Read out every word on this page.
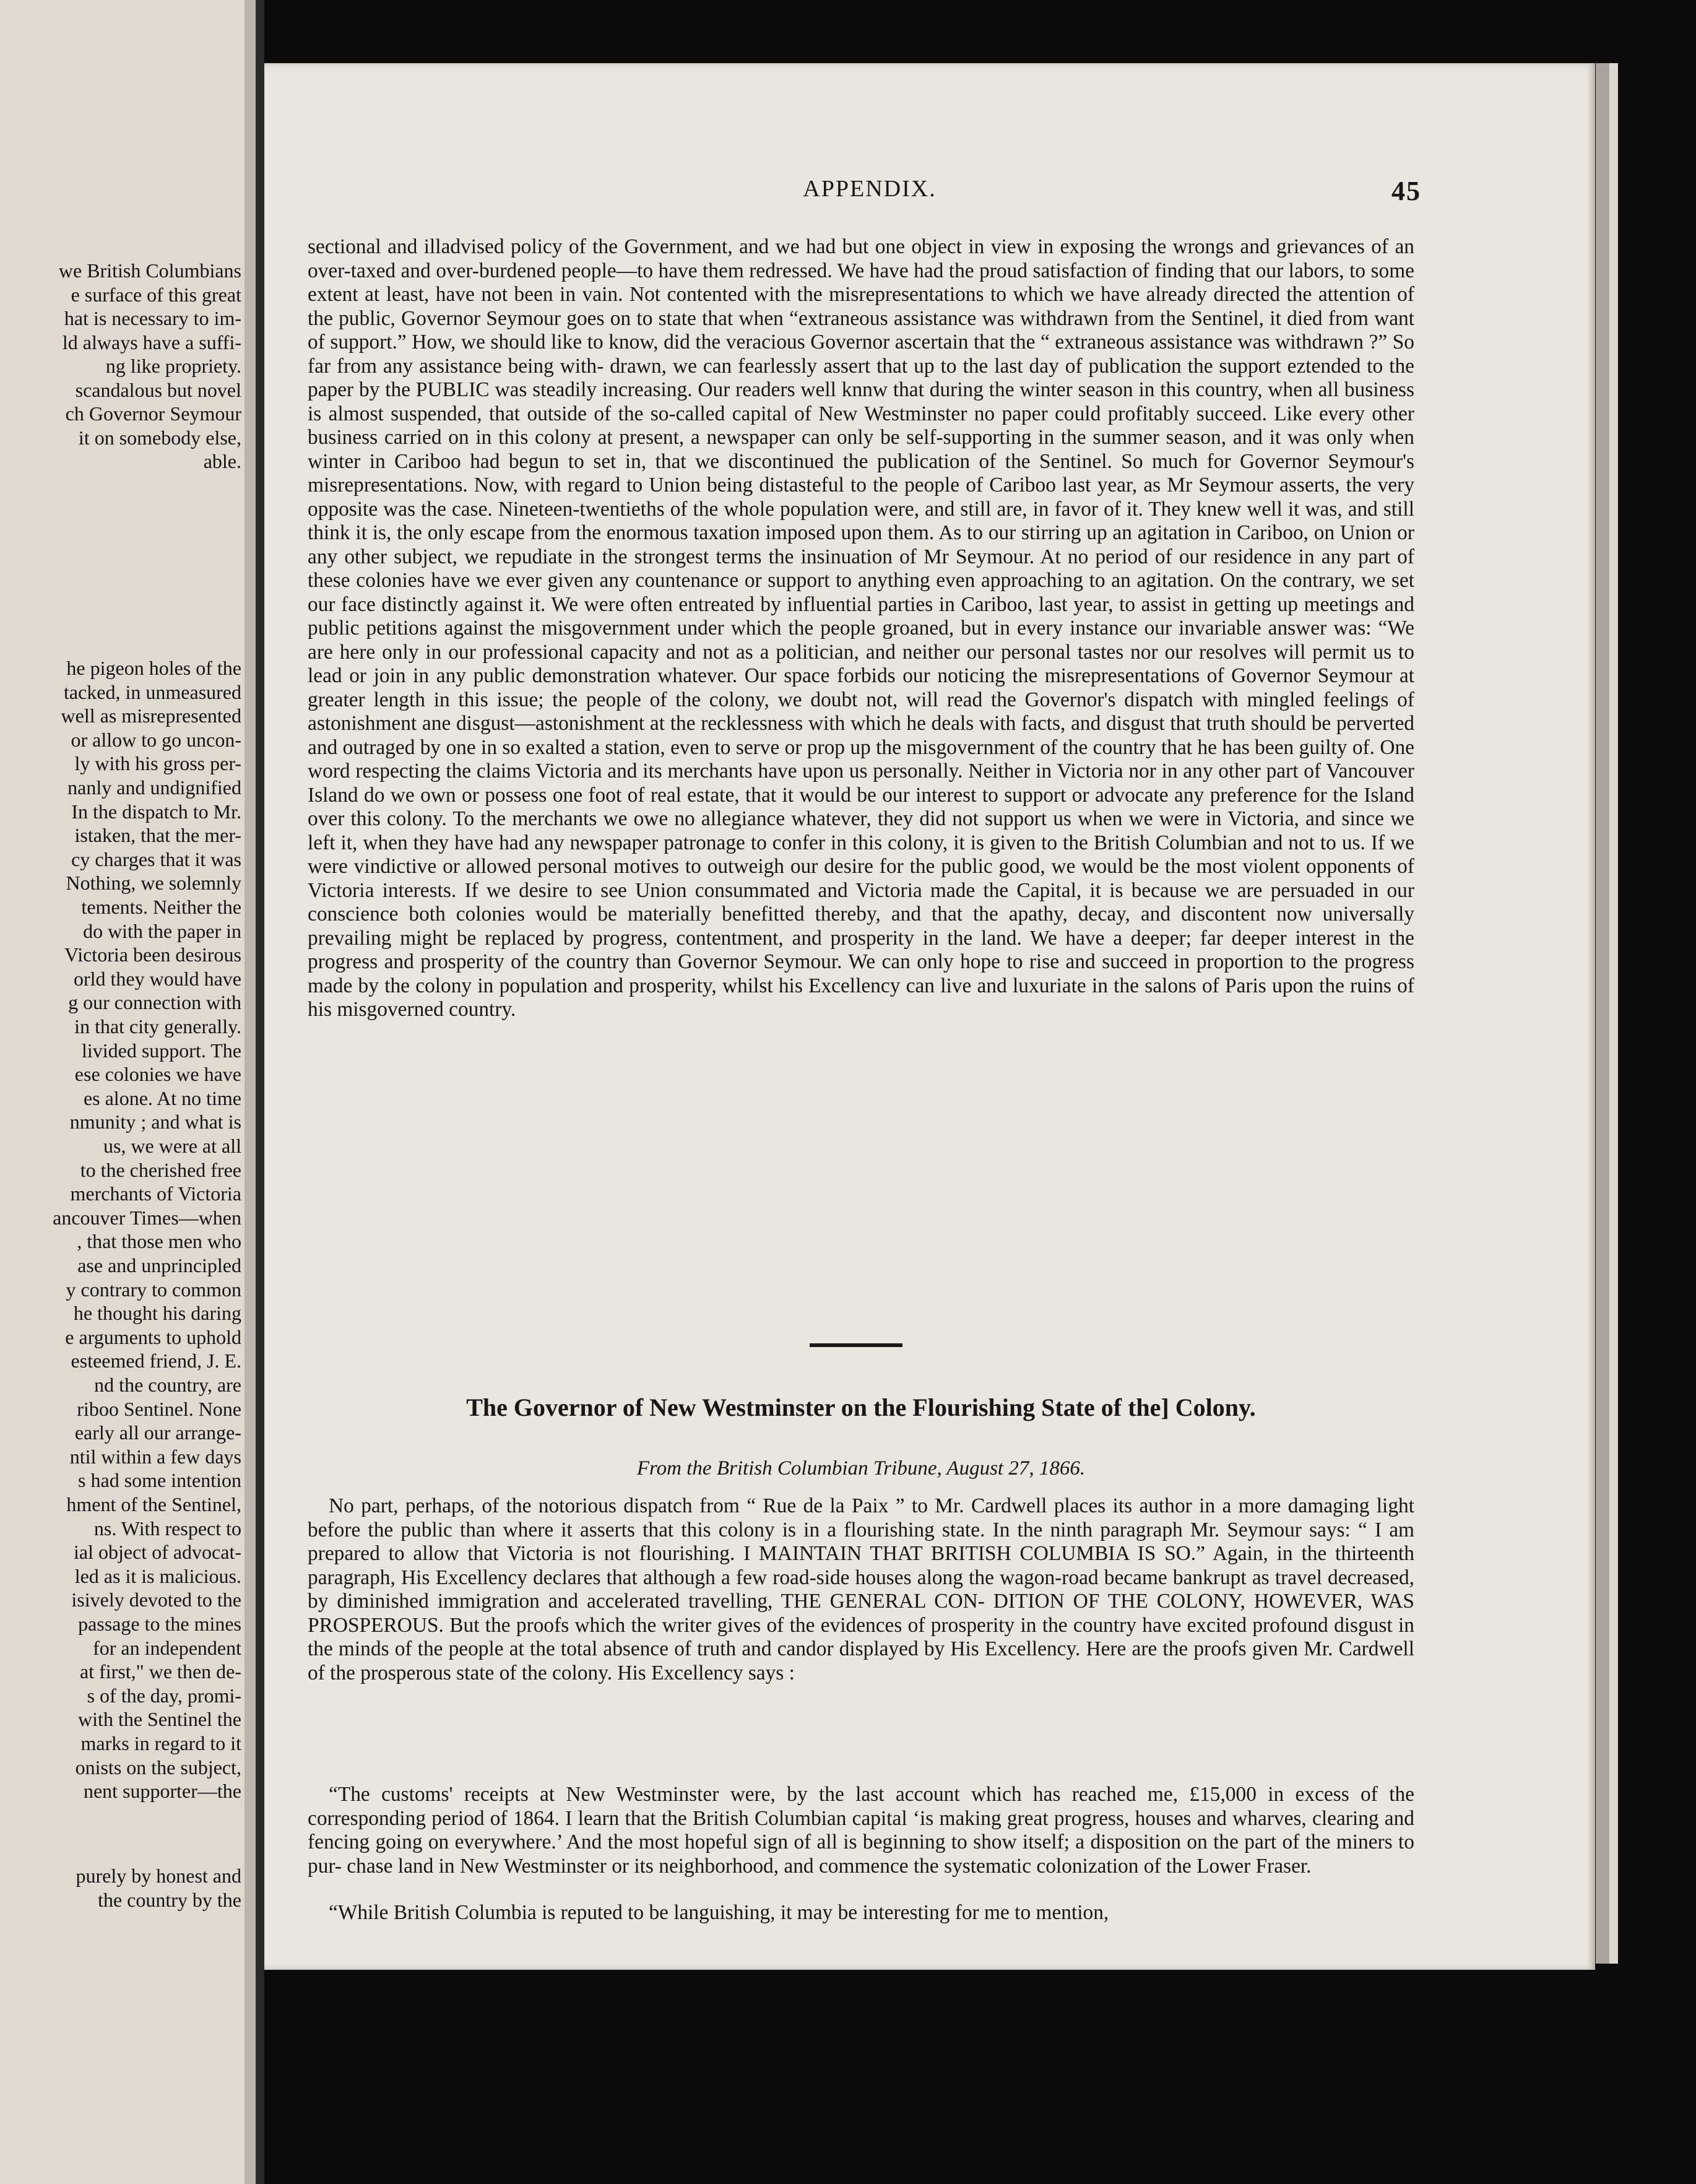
we British Columbians
e surface of this great
hat is necessary to im‑
ld always have a suffi‑
ng like propriety.
scandalous but novel
ch Governor Seymour
it on somebody else,
able.
he pigeon holes of the
tacked, in unmeasured
well as misrepresented
or allow to go uncon-
ly with his gross per-
nanly and undignified
In the dispatch to Mr.
istaken, that the mer-
cy charges that it was
Nothing, we solemnly
tements. Neither the
do with the paper in
Victoria been desirous
orld they would have
g our connection with
in that city generally.
livided support. The
ese colonies we have
es alone. At no time
nmunity ; and what is
us, we were at all
to the cherished free
merchants of Victoria
ancouver Times—when
, that those men who
ase and unprincipled
y contrary to common
he thought his daring
e arguments to uphold
esteemed friend, J. E.
nd the country, are
riboo Sentinel. None
early all our arrange-
ntil within a few days
s had some intention
hment of the Sentinel,
ns. With respect to
ial object of advocat-
led as it is malicious.
isively devoted to the
passage to the mines
for an independent
at first," we then de-
s of the day, promi-
with the Sentinel the
marks in regard to it
onists on the subject,
nent supporter—the
purely by honest and
the country by the
APPENDIX.	45
sectional and illadvised policy of the Government, and we had but one object in view in exposing the wrongs and grievances of an over-taxed and over-burdened people—to have them redressed. We have had the proud satisfaction of finding that our labors, to some extent at least, have not been in vain. Not contented with the misrepresentations to which we have already directed the attention of the public, Governor Seymour goes on to state that when “extraneous assistance was withdrawn from the Sentinel, it died from want of support.” How, we should like to know, did the veracious Governor ascertain that the “ extraneous assistance was withdrawn ?” So far from any assistance being with- drawn, we can fearlessly assert that up to the last day of publication the support eztended to the paper by the PUBLIC was steadily increasing. Our readers well knnw that during the winter season in this country, when all business is almost suspended, that outside of the so-called capital of New Westminster no paper could profitably succeed. Like every other business carried on in this colony at present, a newspaper can only be self-supporting in the summer season, and it was only when winter in Cariboo had begun to set in, that we discontinued the publication of the Sentinel. So much for Governor Seymour's misrepresentations. Now, with regard to Union being distasteful to the people of Cariboo last year, as Mr Seymour asserts, the very opposite was the case. Nineteen-twentieths of the whole population were, and still are, in favor of it. They knew well it was, and still think it is, the only escape from the enormous taxation imposed upon them. As to our stirring up an agitation in Cariboo, on Union or any other subject, we repudiate in the strongest terms the insinuation of Mr Seymour. At no period of our residence in any part of these colonies have we ever given any countenance or support to anything even approaching to an agitation. On the contrary, we set our face distinctly against it. We were often entreated by influential parties in Cariboo, last year, to assist in getting up meetings and public petitions against the misgovernment under which the people groaned, but in every instance our invariable answer was: “We are here only in our professional capacity and not as a politician, and neither our personal tastes nor our resolves will permit us to lead or join in any public demonstration whatever. Our space forbids our noticing the misrepresentations of Governor Seymour at greater length in this issue; the people of the colony, we doubt not, will read the Governor's dispatch with mingled feelings of astonishment ane disgust—astonishment at the recklessness with which he deals with facts, and disgust that truth should be perverted and outraged by one in so exalted a station, even to serve or prop up the misgovernment of the country that he has been guilty of. One word respecting the claims Victoria and its merchants have upon us personally. Neither in Victoria nor in any other part of Vancouver Island do we own or possess one foot of real estate, that it would be our interest to support or advocate any preference for the Island over this colony. To the merchants we owe no allegiance whatever, they did not support us when we were in Victoria, and since we left it, when they have had any newspaper patronage to confer in this colony, it is given to the British Columbian and not to us. If we were vindictive or allowed personal motives to outweigh our desire for the public good, we would be the most violent opponents of Victoria interests. If we desire to see Union consummated and Victoria made the Capital, it is because we are persuaded in our conscience both colonies would be materially benefitted thereby, and that the apathy, decay, and discontent now universally prevailing might be replaced by progress, contentment, and prosperity in the land. We have a deeper; far deeper interest in the progress and prosperity of the country than Governor Seymour. We can only hope to rise and succeed in proportion to the progress made by the colony in population and prosperity, whilst his Excellency can live and luxuriate in the salons of Paris upon the ruins of his misgoverned country.
The Governor of New Westminster on the Flourishing State of the] Colony.
From the British Columbian Tribune, August 27, 1866.
No part, perhaps, of the notorious dispatch from “ Rue de la Paix ” to Mr. Cardwell places its author in a more damaging light before the public than where it asserts that this colony is in a flourishing state. In the ninth paragraph Mr. Seymour says: “ I am prepared to allow that Victoria is not flourishing. I MAINTAIN THAT BRITISH COLUMBIA IS SO.” Again, in the thirteenth paragraph, His Excellency declares that although a few road-side houses along the wagon-road became bankrupt as travel decreased, by diminished immigration and accelerated travelling, THE GENERAL CON- DITION OF THE COLONY, HOWEVER, WAS PROSPEROUS. But the proofs which the writer gives of the evidences of prosperity in the country have excited profound disgust in the minds of the people at the total absence of truth and candor displayed by His Excellency. Here are the proofs given Mr. Cardwell of the prosperous state of the colony. His Excellency says :
“The customs' receipts at New Westminster were, by the last account which has reached me, £15,000 in excess of the corresponding period of 1864. I learn that the British Columbian capital ‘is making great progress, houses and wharves, clearing and fencing going on everywhere.’ And the most hopeful sign of all is beginning to show itself; a disposition on the part of the miners to pur- chase land in New Westminster or its neighborhood, and commence the systematic colonization of the Lower Fraser.
“While British Columbia is reputed to be languishing, it may be interesting for me to mention,
